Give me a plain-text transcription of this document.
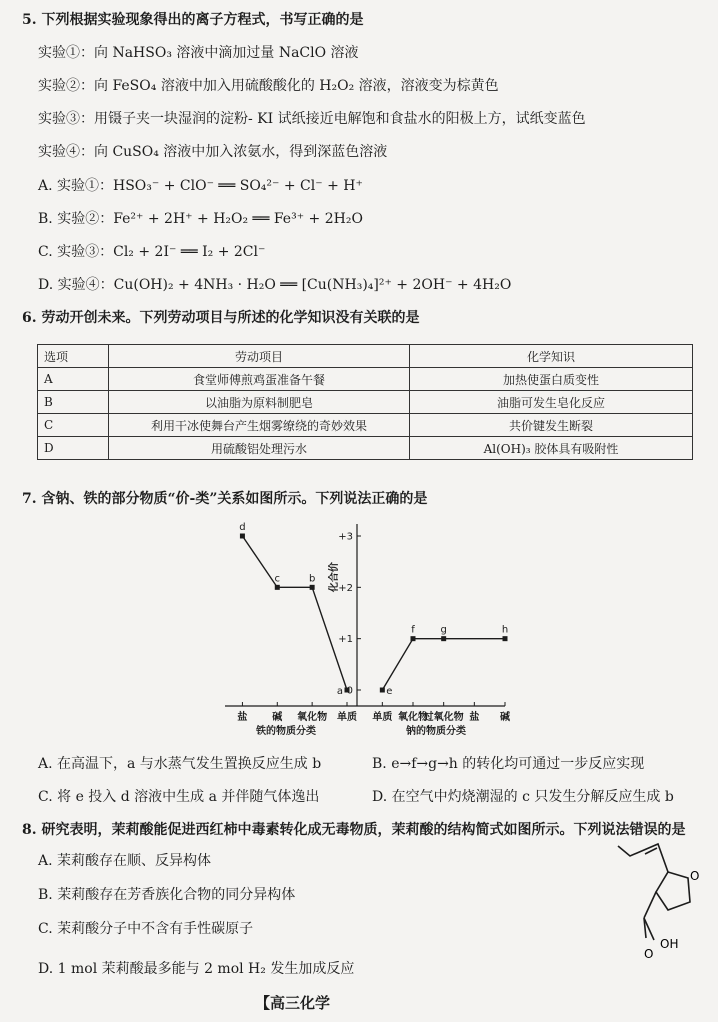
5. 下列根据实验现象得出的离子方程式，书写正确的是
实验①：向 NaHSO₃ 溶液中滴加过量 NaClO 溶液
实验②：向 FeSO₄ 溶液中加入用硫酸酸化的 H₂O₂ 溶液，溶液变为棕黄色
实验③：用镊子夹一块湿润的淀粉- KI 试纸接近电解饱和食盐水的阳极上方，试纸变蓝色
实验④：向 CuSO₄ 溶液中加入浓氨水，得到深蓝色溶液
A. 实验①：HSO₃⁻ + ClO⁻ ══ SO₄²⁻ + Cl⁻ + H⁺
B. 实验②：Fe²⁺ + 2H⁺ + H₂O₂ ══ Fe³⁺ + 2H₂O
C. 实验③：Cl₂ + 2I⁻ ══ I₂ + 2Cl⁻
D. 实验④：Cu(OH)₂ + 4NH₃ · H₂O ══ [Cu(NH₃)₄]²⁺ + 2OH⁻ + 4H₂O
6. 劳动开创未来。下列劳动项目与所述的化学知识没有关联的是
选项	劳动项目	化学知识
A	食堂师傅煎鸡蛋准备午餐	加热使蛋白质变性
B	以油脂为原料制肥皂	油脂可发生皂化反应
C	利用干冰使舞台产生烟雾缭绕的奇妙效果	共价键发生断裂
D	用硫酸铝处理污水	Al(OH)₃ 胶体具有吸附性
7. 含钠、铁的部分物质“价-类”关系如图所示。下列说法正确的是
盐 碱 氧化物 单质
铁的物质分类
d
c	b
a
单质 氧化物
过氧化物 盐 碱
钠的物质分类
e
f	g	h
+3
+2
+1
0
化合价
A. 在高温下，a 与水蒸气发生置换反应生成 b	B. e→f→g→h 的转化均可通过一步反应实现
C. 将 e 投入 d 溶液中生成 a 并伴随气体逸出	D. 在空气中灼烧潮湿的 c 只发生分解反应生成 b
8. 研究表明，茉莉酸能促进西红柿中毒素转化成无毒物质，茉莉酸的结构简式如图所示。下列说法错误的是
A. 茉莉酸存在顺、反异构体
B. 茉莉酸存在芳香族化合物的同分异构体
C. 茉莉酸分子中不含有手性碳原子
D. 1 mol 茉莉酸最多能与 2 mol H₂ 发生加成反应
O
O
OH
【高三化学
